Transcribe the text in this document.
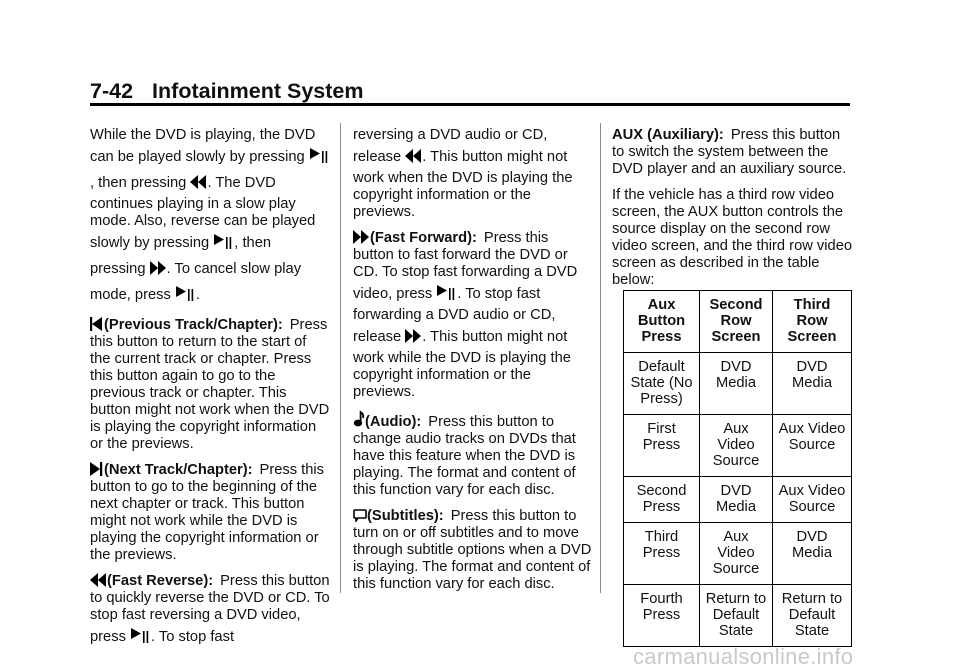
7-42 Infotainment System

While the DVD is playing, the DVD can be played slowly by pressing
, then pressing . The DVD continues playing in a slow play mode. Also, reverse can be played slowly by pressing , then pressing . To cancel slow play mode, press .

(Previous Track/Chapter): Press this button to return to the start of the current track or chapter. Press this button again to go to the previous track or chapter. This button might not work when the DVD is playing the copyright information or the previews.

(Next Track/Chapter): Press this button to go to the beginning of the next chapter or track. This button might not work while the DVD is playing the copyright information or the previews.

(Fast Reverse): Press this button to quickly reverse the DVD or CD. To stop fast reversing a DVD video, press . To stop fast

reversing a DVD audio or CD, release . This button might not work when the DVD is playing the copyright information or the previews.

(Fast Forward): Press this button to fast forward the DVD or CD. To stop fast forwarding a DVD video, press . To stop fast forwarding a DVD audio or CD, release . This button might not work while the DVD is playing the copyright information or the previews.

(Audio): Press this button to change audio tracks on DVDs that have this feature when the DVD is playing. The format and content of this function vary for each disc.

(Subtitles): Press this button to turn on or off subtitles and to move through subtitle options when a DVD is playing. The format and content of this function vary for each disc.

AUX (Auxiliary): Press this button to switch the system between the DVD player and an auxiliary source.

If the vehicle has a third row video screen, the AUX button controls the source display on the second row video screen, and the third row video screen as described in the table below:

Aux Button Press	Second Row Screen	Third Row Screen
Default State (No Press)	DVD Media	DVD Media
First Press	Aux Video Source	Aux Video Source
Second Press	DVD Media	Aux Video Source
Third Press	Aux Video Source	DVD Media
Fourth Press	Return to Default State	Return to Default State
carmanualsonline.info
